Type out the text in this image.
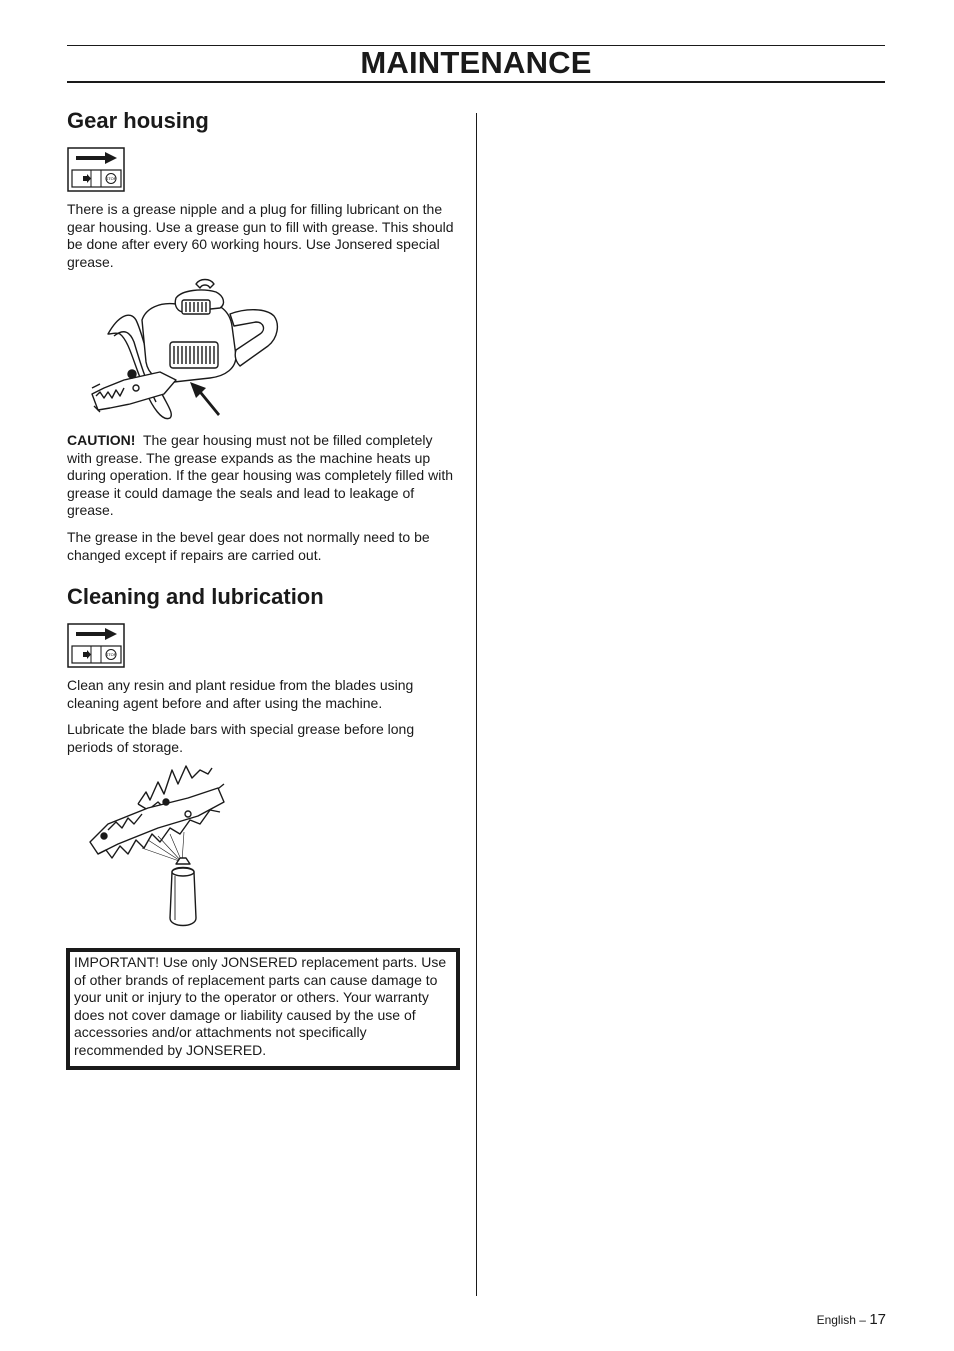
MAINTENANCE
Gear housing
STOP
There is a grease nipple and a plug for filling lubricant on the gear housing. Use a grease gun to fill with grease. This should be done after every 60 working hours. Use Jonsered special grease.
CAUTION! The gear housing must not be filled completely with grease. The grease expands as the machine heats up during operation. If the gear housing was completely filled with grease it could damage the seals and lead to leakage of grease.
The grease in the bevel gear does not normally need to be changed except if repairs are carried out.
Cleaning and lubrication
STOP
Clean any resin and plant residue from the blades using cleaning agent before and after using the machine.
Lubricate the blade bars with special grease before long periods of storage.
IMPORTANT! Use only JONSERED replacement parts. Use of other brands of replacement parts can cause damage to your unit or injury to the operator or others. Your warranty does not cover damage or liability caused by the use of accessories and/or attachments not specifically recommended by JONSERED.
English – 17
